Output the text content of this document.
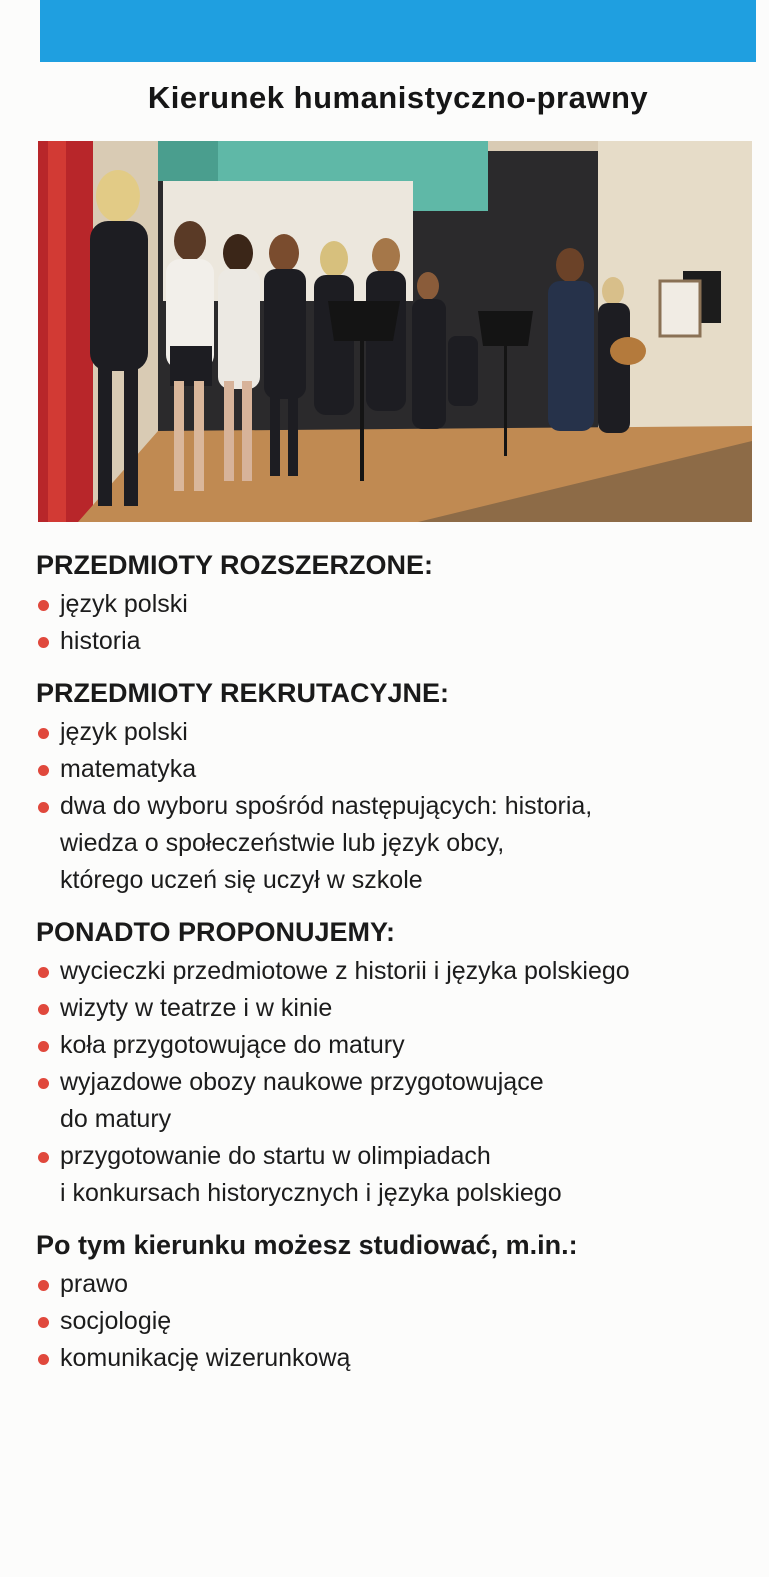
Kierunek humanistyczno-prawny
PRZEDMIOTY ROZSZERZONE:
język polski
historia
PRZEDMIOTY REKRUTACYJNE:
język polski
matematyka
dwa do wyboru spośród następujących: historia,
wiedza o społeczeństwie lub język obcy,
którego uczeń się uczył w szkole
PONADTO PROPONUJEMY:
wycieczki przedmiotowe z historii i języka polskiego
wizyty w teatrze i w kinie
koła przygotowujące do matury
wyjazdowe obozy naukowe przygotowujące
do matury
przygotowanie do startu w olimpiadach
i konkursach historycznych i języka polskiego
Po tym kierunku możesz studiować, m.in.:
prawo
socjologię
komunikację wizerunkową
